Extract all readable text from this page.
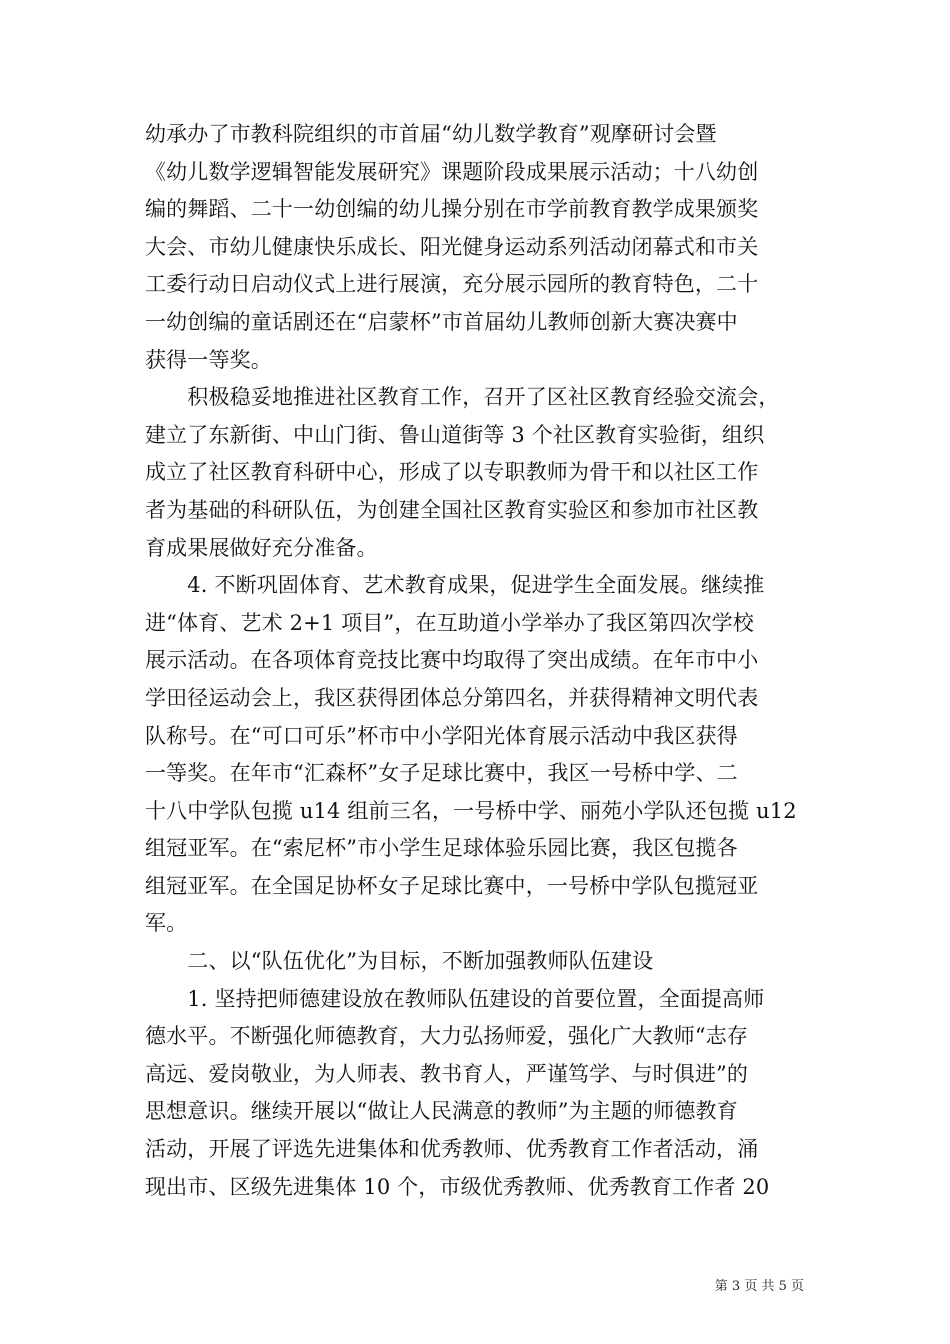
幼承办了市教科院组织的市首届“幼儿数学教育”观摩研讨会暨
《幼儿数学逻辑智能发展研究》课题阶段成果展示活动；十八幼创
编的舞蹈、二十一幼创编的幼儿操分别在市学前教育教学成果颁奖
大会、市幼儿健康快乐成长、阳光健身运动系列活动闭幕式和市关
工委行动日启动仪式上进行展演，充分展示园所的教育特色，二十
一幼创编的童话剧还在“启蒙杯”市首届幼儿教师创新大赛决赛中
获得一等奖。
　　积极稳妥地推进社区教育工作，召开了区社区教育经验交流会，
建立了东新街、中山门街、鲁山道街等 3 个社区教育实验街，组织
成立了社区教育科研中心，形成了以专职教师为骨干和以社区工作
者为基础的科研队伍，为创建全国社区教育实验区和参加市社区教
育成果展做好充分准备。
　　4. 不断巩固体育、艺术教育成果，促进学生全面发展。继续推
进“体育、艺术 2+1 项目”，在互助道小学举办了我区第四次学校
展示活动。在各项体育竞技比赛中均取得了突出成绩。在年市中小
学田径运动会上，我区获得团体总分第四名，并获得精神文明代表
队称号。在“可口可乐”杯市中小学阳光体育展示活动中我区获得
一等奖。在年市“汇森杯”女子足球比赛中，我区一号桥中学、二
十八中学队包揽 u14 组前三名，一号桥中学、丽苑小学队还包揽 u12
组冠亚军。在“索尼杯”市小学生足球体验乐园比赛，我区包揽各
组冠亚军。在全国足协杯女子足球比赛中，一号桥中学队包揽冠亚
军。
　　二、以“队伍优化”为目标，不断加强教师队伍建设
　　1. 坚持把师德建设放在教师队伍建设的首要位置，全面提高师
德水平。不断强化师德教育，大力弘扬师爱，强化广大教师“志存
高远、爱岗敬业，为人师表、教书育人，严谨笃学、与时俱进”的
思想意识。继续开展以“做让人民满意的教师”为主题的师德教育
活动，开展了评选先进集体和优秀教师、优秀教育工作者活动，涌
现出市、区级先进集体 10 个，市级优秀教师、优秀教育工作者 20
第 3 页 共 5 页
